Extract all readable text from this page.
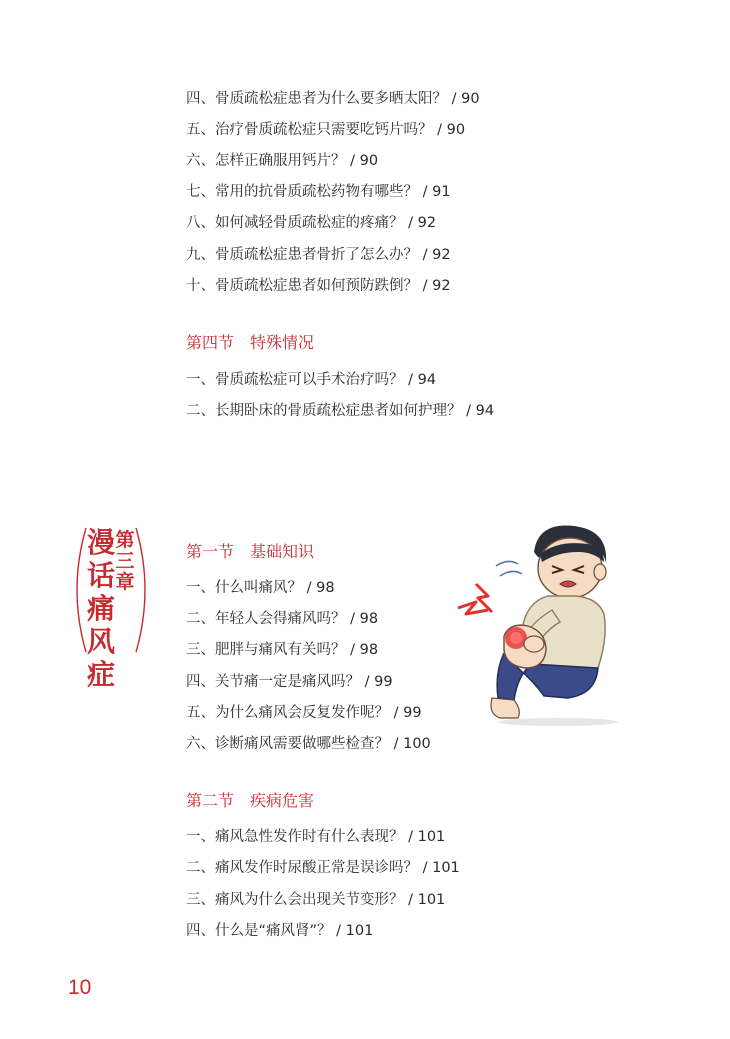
四、骨质疏松症患者为什么要多晒太阳？ / 90
五、治疗骨质疏松症只需要吃钙片吗？ / 90
六、怎样正确服用钙片？ / 90
七、常用的抗骨质疏松药物有哪些？ / 91
八、如何减轻骨质疏松症的疼痛？ / 92
九、骨质疏松症患者骨折了怎么办？ / 92
十、骨质疏松症患者如何预防跌倒？ / 92
第四节 特殊情况
一、骨质疏松症可以手术治疗吗？ / 94
二、长期卧床的骨质疏松症患者如何护理？ / 94
第三章
漫话痛风症
第一节 基础知识
一、什么叫痛风？ / 98
二、年轻人会得痛风吗？ / 98
三、肥胖与痛风有关吗？ / 98
四、关节痛一定是痛风吗？ / 99
五、为什么痛风会反复发作呢？ / 99
六、诊断痛风需要做哪些检查？ / 100
第二节 疾病危害
一、痛风急性发作时有什么表现？ / 101
二、痛风发作时尿酸正常是误诊吗？ / 101
三、痛风为什么会出现关节变形？ / 101
四、什么是“痛风肾”？ / 101
10
